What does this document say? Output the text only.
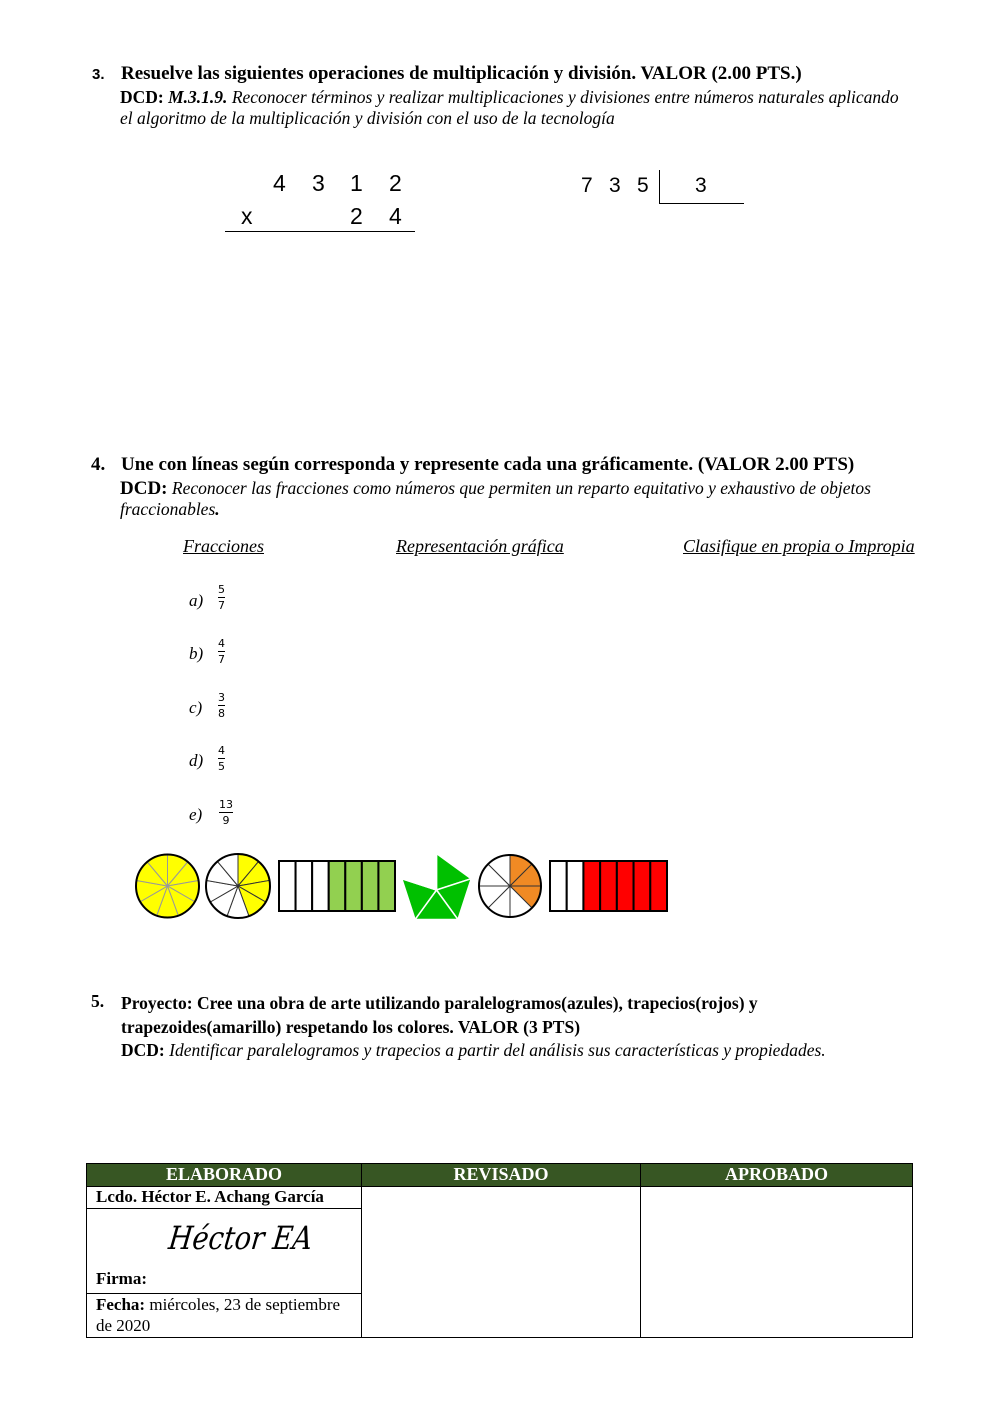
3. Resuelve las siguientes operaciones de multiplicación y división. VALOR (2.00 PTS.)
DCD: M.3.1.9. Reconocer términos y realizar multiplicaciones y divisiones entre números naturales aplicando
el algoritmo de la multiplicación y división con el uso de la tecnología
4 3 1 2
x	2 4
7 3 5 3
4. Une con líneas según corresponda y represente cada una gráficamente. (VALOR 2.00 PTS)
DCD: Reconocer las fracciones como números que permiten un reparto equitativo y exhaustivo de objetos
fraccionables.
Fracciones	Representación gráfica	Clasifique en propia o Impropia
a)
5
7
b)
4
7
c)
3
8
d)
4
5
e)
13
9
5. Proyecto: Cree una obra de arte utilizando paralelogramos(azules), trapecios(rojos) y
trapezoides(amarillo) respetando los colores. VALOR (3 PTS)
DCD: Identificar paralelogramos y trapecios a partir del análisis sus características y propiedades.
ELABORADO	REVISADO	APROBADO

Lcdo. Héctor E. Achang García
Héctor EA
Firma:
Fecha: miércoles, 23 de septiembre de 2020		
